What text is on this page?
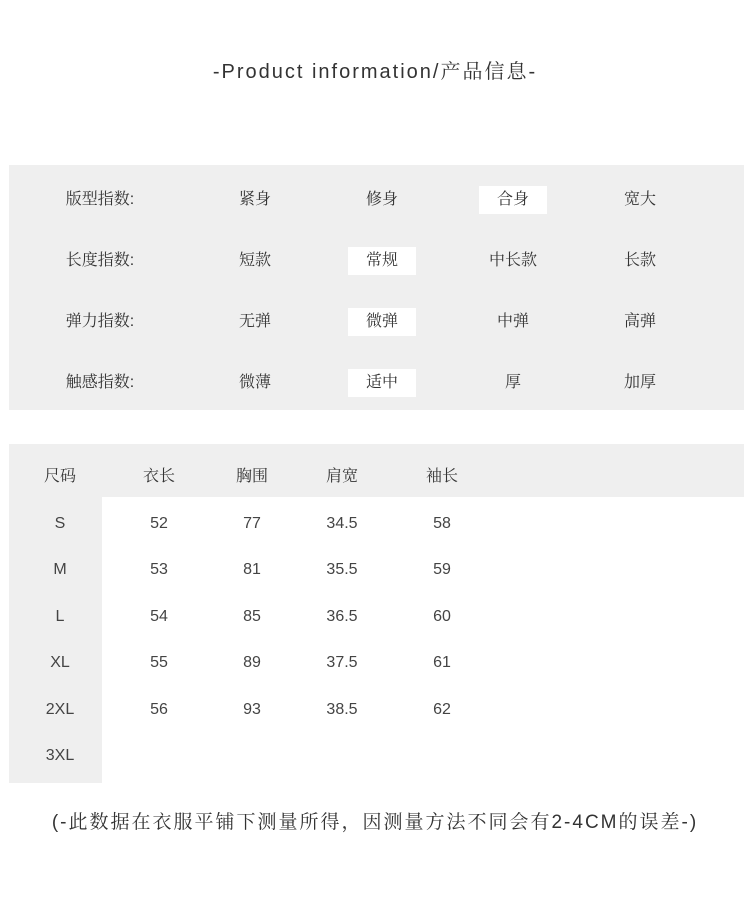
-Product information/产品信息-
版型指数:	紧身	修身	合身	宽大
长度指数:	短款	常规	中长款	长款
弹力指数:	无弹	微弹	中弹	高弹
触感指数:	微薄	适中	厚	加厚
尺码	衣长	胸围	肩宽	袖长
S	52	77	34.5	58
M	53	81	35.5	59
L	54	85	36.5	60
XL	55	89	37.5	61
2XL	56	93	38.5	62
3XL
(-此数据在衣服平铺下测量所得，因测量方法不同会有2-4CM的误差-)
